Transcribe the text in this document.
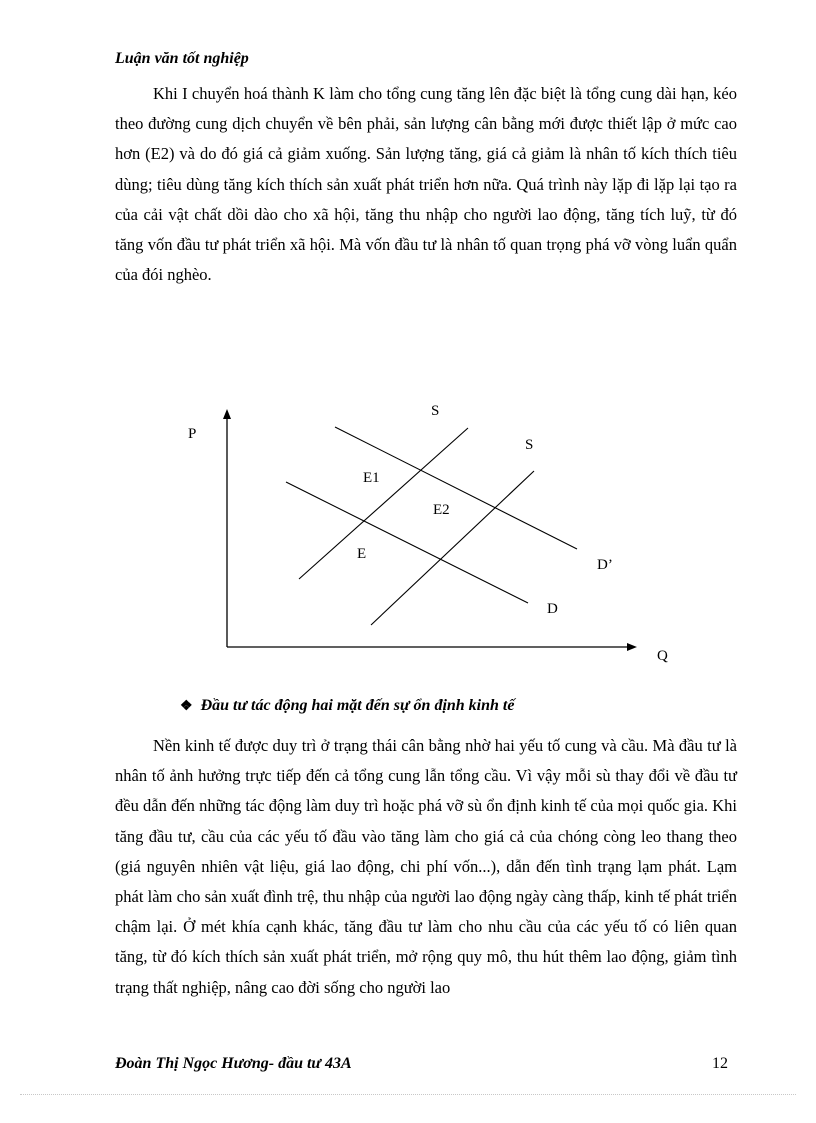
Luận văn tốt nghiệp

Khi I chuyển hoá thành K làm cho tổng cung tăng lên đặc biệt là tổng cung dài hạn, kéo theo đường cung dịch chuyển về bên phải, sản lượng cân bằng mới được thiết lập ở mức cao hơn (E2) và do đó giá cả giảm xuống. Sản lượng tăng, giá cả giảm là nhân tố kích thích tiêu dùng; tiêu dùng tăng kích thích sản xuất phát triển hơn nữa. Quá trình này lặp đi lặp lại tạo ra của cải vật chất dồi dào cho xã hội, tăng thu nhập cho người lao động, tăng tích luỹ, từ đó tăng vốn đầu tư phát triển xã hội. Mà vốn đầu tư là nhân tố quan trọng phá vỡ vòng luẩn quẩn của đói nghèo.

P
Q
S
S
E1
E2
E
D’
D
❖ Đầu tư tác động hai mặt đến sự ổn định kinh tế

Nền kinh tế được duy trì ở trạng thái cân bằng nhờ hai yếu tố cung và cầu. Mà đầu tư là nhân tố ảnh hưởng trực tiếp đến cả tổng cung lẫn tổng cầu. Vì vậy mỗi sù thay đổi về đầu tư đều dẫn đến những tác động làm duy trì hoặc phá vỡ sù ổn định kinh tế của mọi quốc gia. Khi tăng đầu tư, cầu của các yếu tố đầu vào tăng làm cho giá cả của chóng còng leo thang theo (giá nguyên nhiên vật liệu, giá lao động, chi phí vốn...), dẫn đến tình trạng lạm phát. Lạm phát làm cho sản xuất đình trệ, thu nhập của người lao động ngày càng thấp, kinh tế phát triển chậm lại. Ở mét khía cạnh khác, tăng đầu tư làm cho nhu cầu của các yếu tố có liên quan tăng, từ đó kích thích sản xuất phát triển, mở rộng quy mô, thu hút thêm lao động, giảm tình trạng thất nghiệp, nâng cao đời sống cho người lao

Đoàn Thị Ngọc Hương- đầu tư 43A	12
